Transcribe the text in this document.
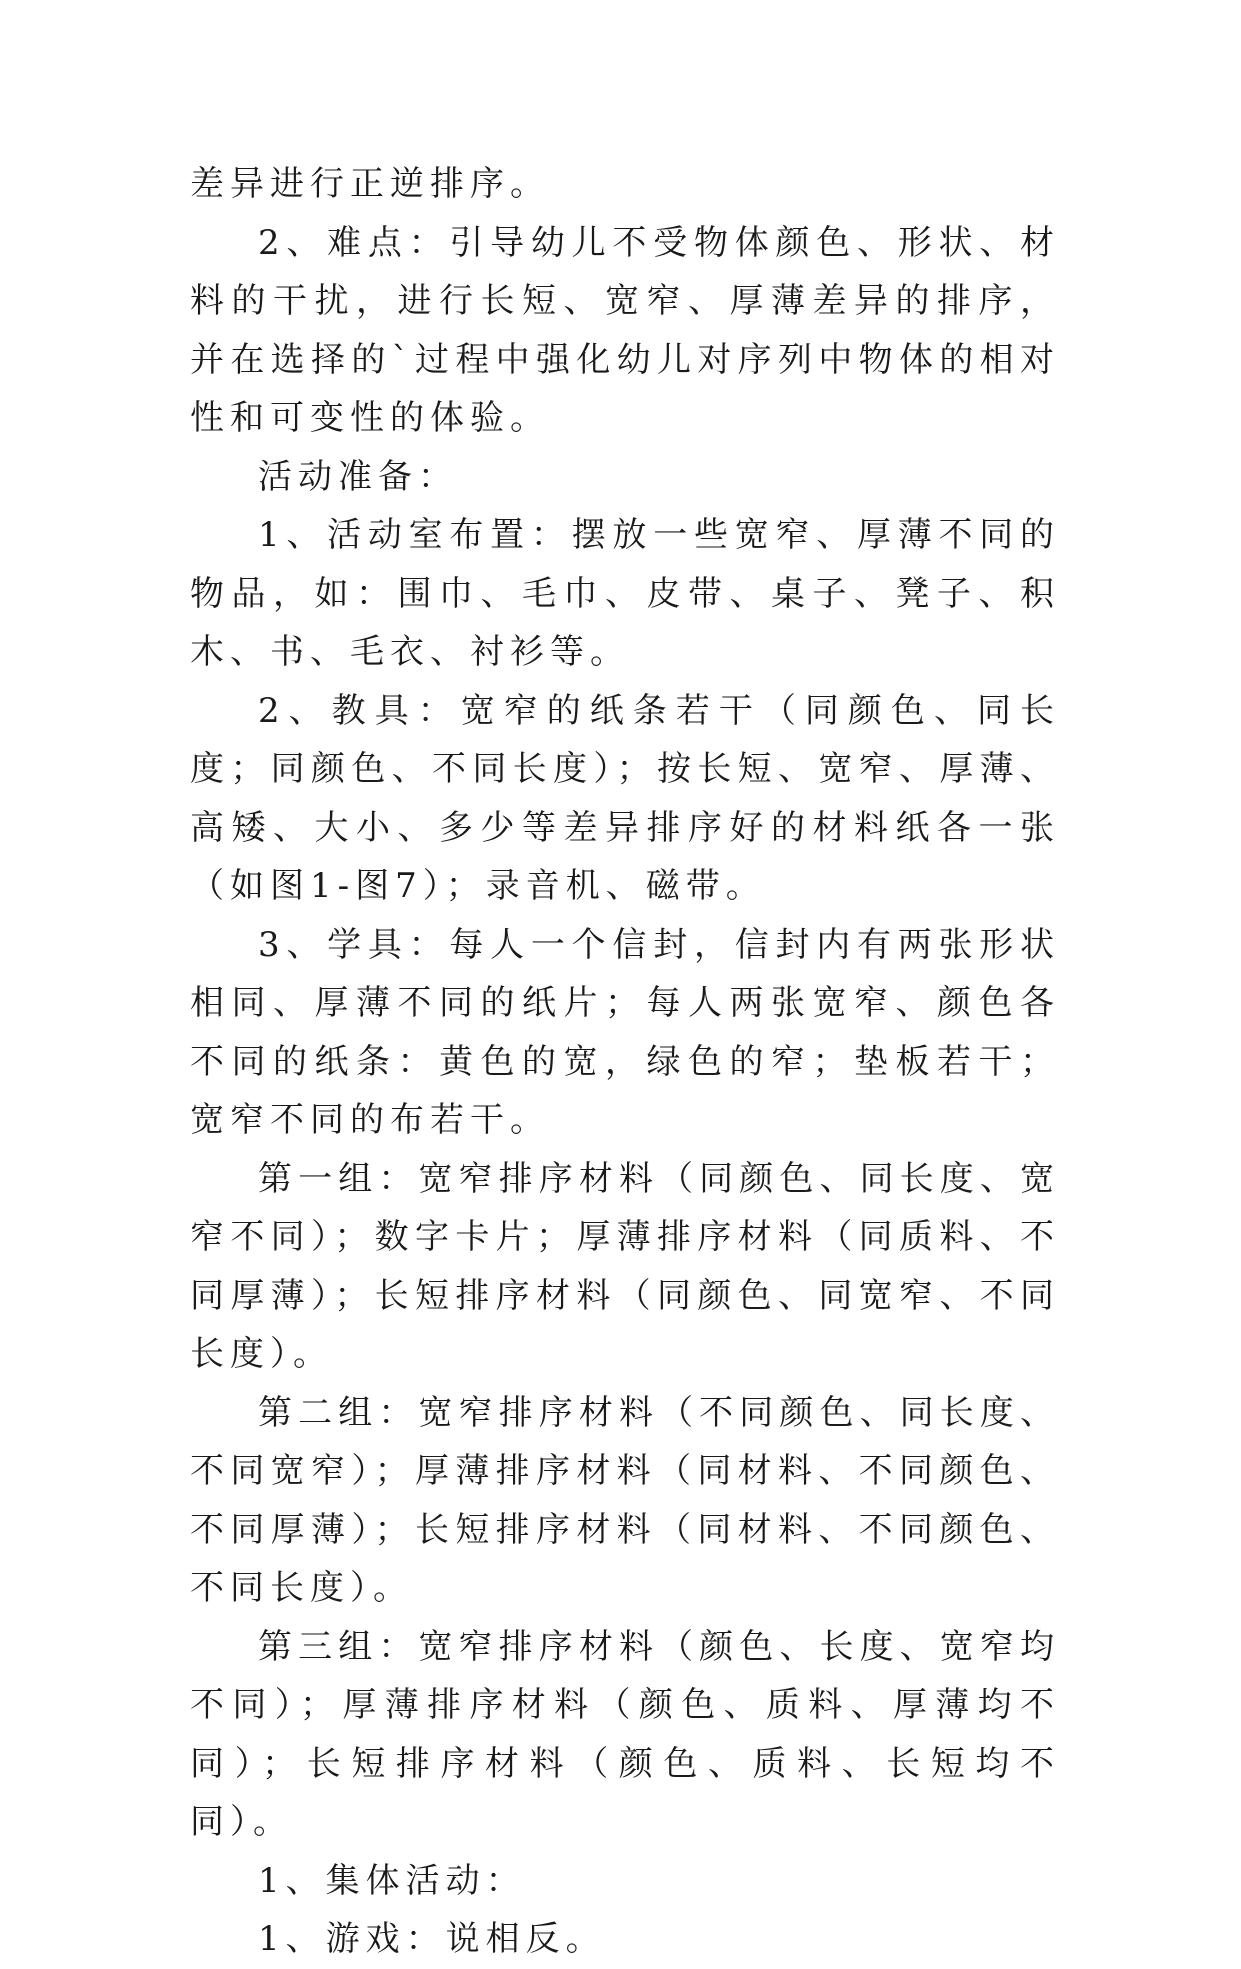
差异进行正逆排序。

2、难点：引导幼儿不受物体颜色、形状、材料的干扰，进行长短、宽窄、厚薄差异的排序，并在选择的`过程中强化幼儿对序列中物体的相对性和可变性的体验。

活动准备：

1、活动室布置：摆放一些宽窄、厚薄不同的物品，如：围巾、毛巾、皮带、桌子、凳子、积木、书、毛衣、衬衫等。

2、教具：宽窄的纸条若干（同颜色、同长度；同颜色、不同长度）；按长短、宽窄、厚薄、高矮、大小、多少等差异排序好的材料纸各一张（如图1-图7）；录音机、磁带。

3、学具：每人一个信封，信封内有两张形状相同、厚薄不同的纸片；每人两张宽窄、颜色各不同的纸条：黄色的宽，绿色的窄；垫板若干；宽窄不同的布若干。

第一组：宽窄排序材料（同颜色、同长度、宽窄不同）；数字卡片；厚薄排序材料（同质料、不同厚薄）；长短排序材料（同颜色、同宽窄、不同长度）。

第二组：宽窄排序材料（不同颜色、同长度、不同宽窄）；厚薄排序材料（同材料、不同颜色、不同厚薄）；长短排序材料（同材料、不同颜色、不同长度）。

第三组：宽窄排序材料（颜色、长度、宽窄均不同）；厚薄排序材料（颜色、质料、厚薄均不同）；长短排序材料（颜色、质料、长短均不同）。

1、集体活动：

1、游戏：说相反。
